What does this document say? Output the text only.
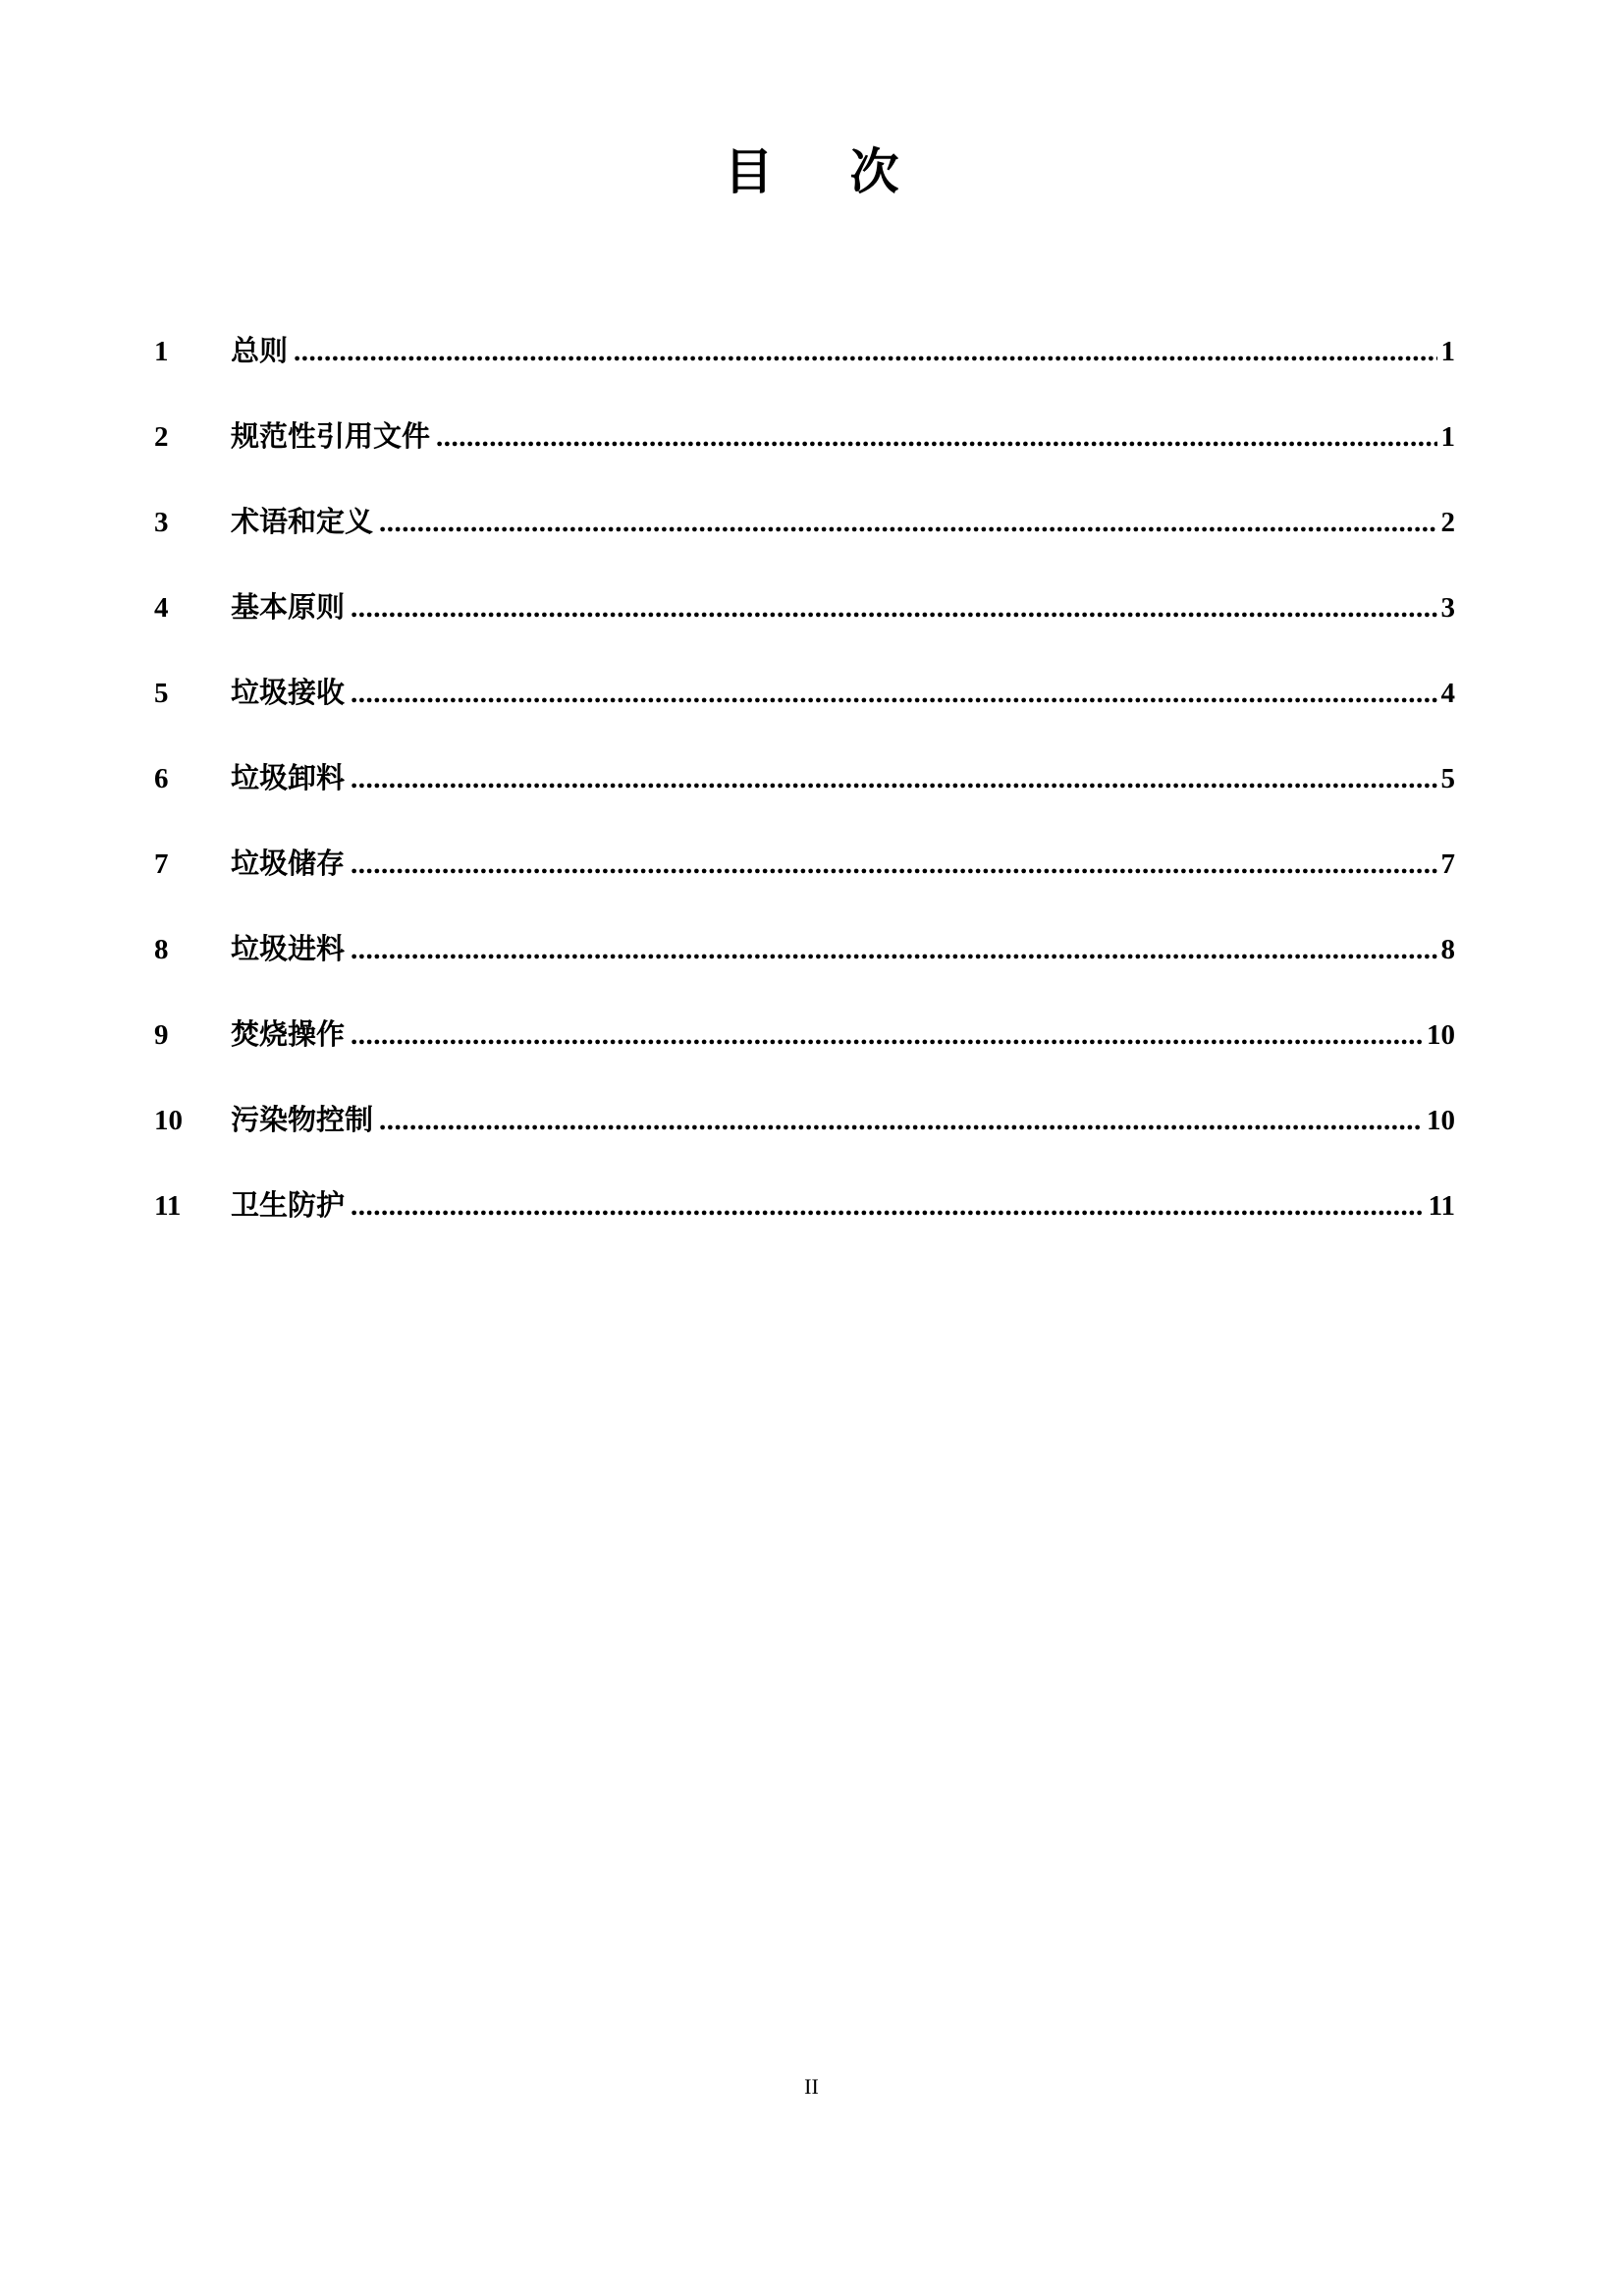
目 次
1	总则 .....	1
2	规范性引用文件 .....	1
3	术语和定义 .....	2
4	基本原则 .....	3
5	垃圾接收 .....	4
6	垃圾卸料 .....	5
7	垃圾储存 .....	7
8	垃圾进料 .....	8
9	焚烧操作 .....	10
10	污染物控制 .....	10
11	卫生防护 .....	11
II
